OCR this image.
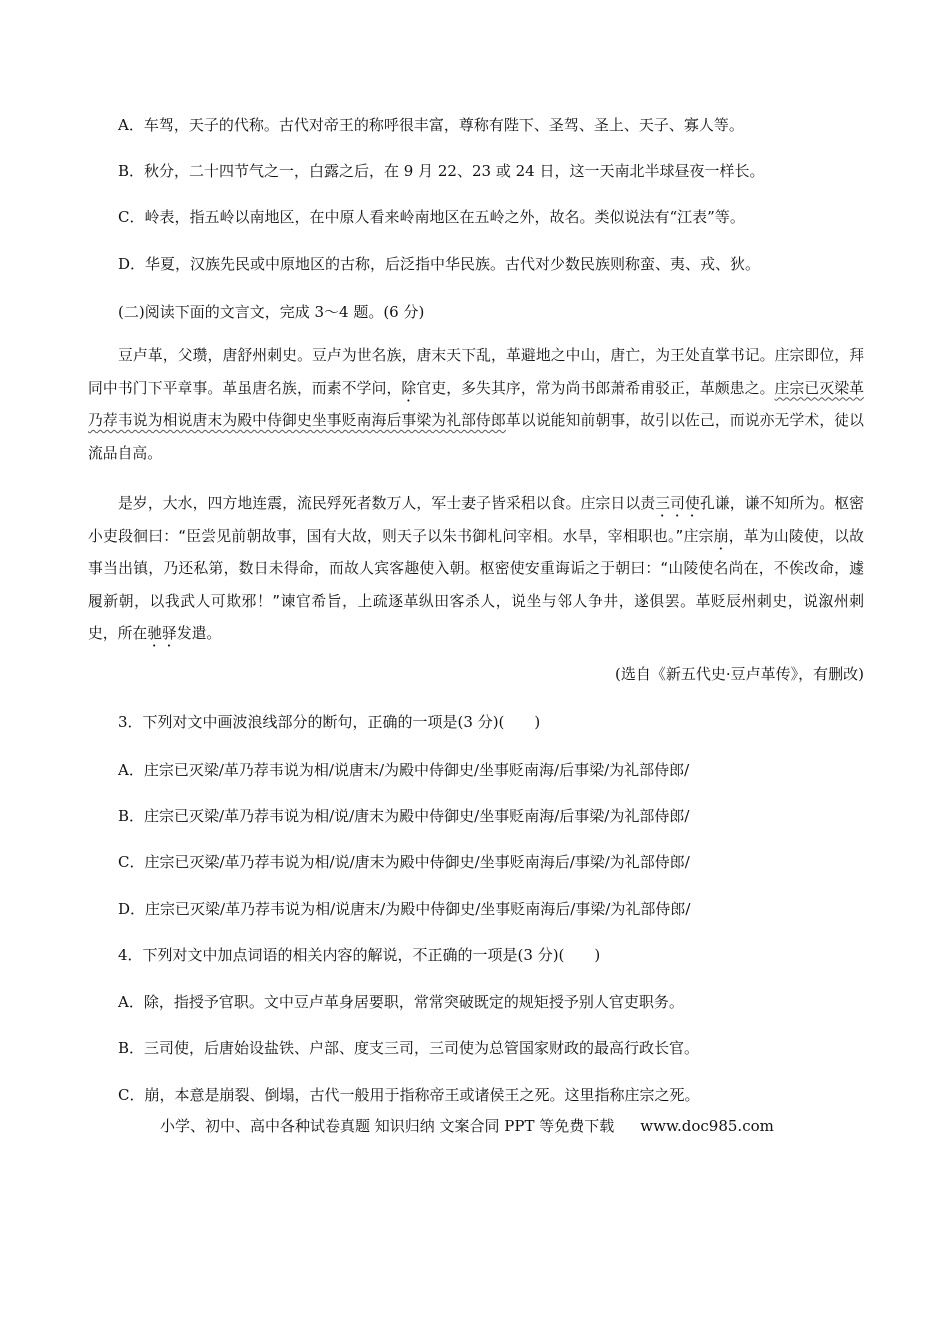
A．车驾，天子的代称。古代对帝王的称呼很丰富，尊称有陛下、圣驾、圣上、天子、寡人等。
B．秋分，二十四节气之一，白露之后，在 9 月 22、23 或 24 日，这一天南北半球昼夜一样长。
C．岭表，指五岭以南地区，在中原人看来岭南地区在五岭之外，故名。类似说法有“江表”等。
D．华夏，汉族先民或中原地区的古称，后泛指中华民族。古代对少数民族则称蛮、夷、戎、狄。
(二)阅读下面的文言文，完成 3～4 题。(6 分)

豆卢革，父瓒，唐舒州刺史。豆卢为世名族，唐末天下乱，革避地之中山，唐亡，为王处直掌书记。庄宗即位，拜同中书门下平章事。革虽唐名族，而素不学问，除官吏，多失其序，常为尚书郎萧希甫驳正，革颇患之。庄宗已灭梁革乃荐韦说为相说唐末为殿中侍御史坐事贬南海后事梁为礼部侍郎革以说能知前朝事，故引以佐己，而说亦无学术，徒以流品自高。

是岁，大水，四方地连震，流民殍死者数万人，军士妻子皆采稆以食。庄宗日以责三司使孔谦，谦不知所为。枢密小吏段徊曰：“臣尝见前朝故事，国有大故，则天子以朱书御札问宰相。水旱，宰相职也。”庄宗崩，革为山陵使，以故事当出镇，乃还私第，数日未得命，而故人宾客趣使入朝。枢密使安重诲诟之于朝曰：“山陵使名尚在，不俟改命，遽履新朝，以我武人可欺邪！”谏官希旨，上疏逐革纵田客杀人，说坐与邻人争井，遂俱罢。革贬辰州刺史，说溆州刺史，所在驰驿发遣。

(选自《新五代史·豆卢革传》，有删改)
3．下列对文中画波浪线部分的断句，正确的一项是(3 分)(　　)
A．庄宗已灭梁/革乃荐韦说为相/说唐末/为殿中侍御史/坐事贬南海/后事梁/为礼部侍郎/
B．庄宗已灭梁/革乃荐韦说为相/说/唐末为殿中侍御史/坐事贬南海/后事梁/为礼部侍郎/
C．庄宗已灭梁/革乃荐韦说为相/说/唐末为殿中侍御史/坐事贬南海后/事梁/为礼部侍郎/
D．庄宗已灭梁/革乃荐韦说为相/说唐末/为殿中侍御史/坐事贬南海后/事梁/为礼部侍郎/
4．下列对文中加点词语的相关内容的解说，不正确的一项是(3 分)(　　)
A．除，指授予官职。文中豆卢革身居要职，常常突破既定的规矩授予别人官吏职务。
B．三司使，后唐始设盐铁、户部、度支三司，三司使为总管国家财政的最高行政长官。
C．崩，本意是崩裂、倒塌，古代一般用于指称帝王或诸侯王之死。这里指称庄宗之死。
小学、初中、高中各种试卷真题 知识归纳 文案合同 PPT 等免费下载 www.doc985.com
